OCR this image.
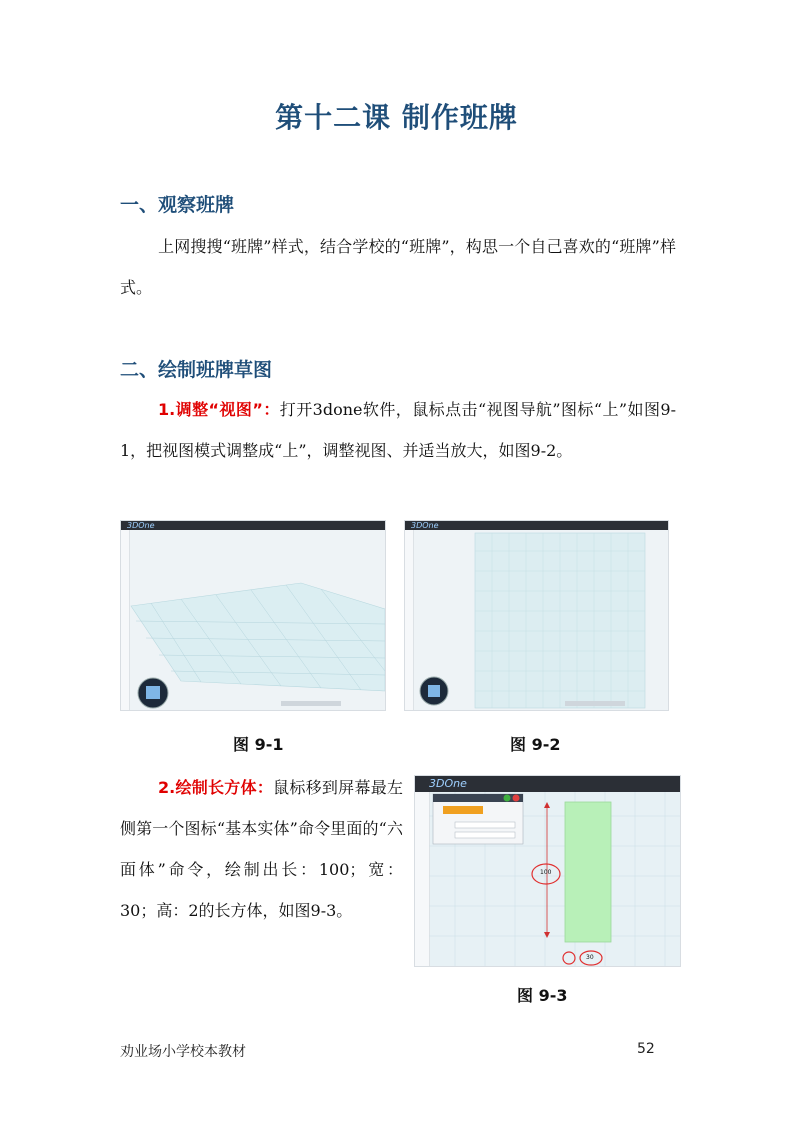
第十二课 制作班牌
一、观察班牌
上网搜搜“班牌”样式，结合学校的“班牌”，构思一个自己喜欢的“班牌”样式。
二、绘制班牌草图
1.调整“视图”：打开3done软件，鼠标点击“视图导航”图标“上”如图9-1，把视图模式调整成“上”，调整视图、并适当放大，如图9-2。
3DOne	3DOne
图 9-1	图 9-2
2.绘制长方体：鼠标移到屏幕最左侧第一个图标“基本实体”命令里面的“六面体”命令，绘制出长：100；宽：30；高：2的长方体，如图9-3。
3DOne
100
30
图 9-3
劝业场小学校本教材	52
